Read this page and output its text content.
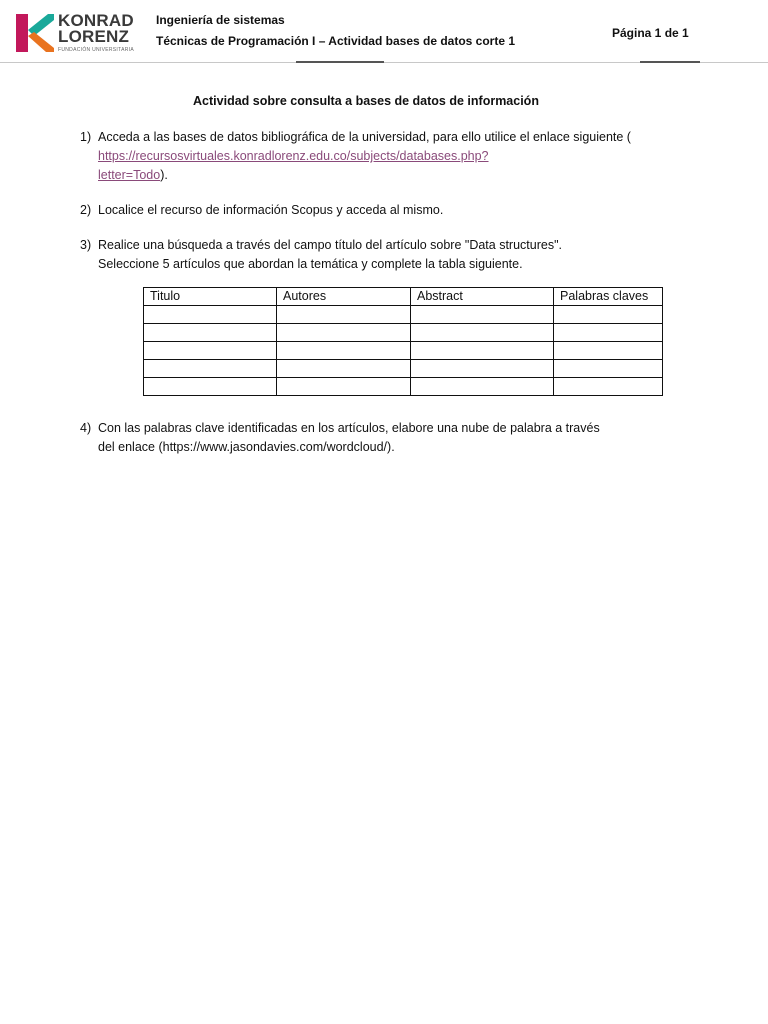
KONRAD
LORENZ
FUNDACIÓN UNIVERSITARIA
Ingeniería de sistemas
Técnicas de Programación I – Actividad bases de datos corte 1
Página 1 de 1
Actividad sobre consulta a bases de datos de información
1) Acceda a las bases de datos bibliográfica de la universidad, para ello utilice el enlace siguiente ( https://recursosvirtuales.konradlorenz.edu.co/subjects/databases.php?
letter=Todo).
2) Localice el recurso de información Scopus y acceda al mismo.
3) Realice una búsqueda a través del campo título del artículo sobre "Data structures".
Seleccione 5 artículos que abordan la temática y complete la tabla siguiente.
Titulo	Autores	Abstract	Palabras claves

4) Con las palabras clave identificadas en los artículos, elabore una nube de palabra a través
del enlace (https://www.jasondavies.com/wordcloud/).
